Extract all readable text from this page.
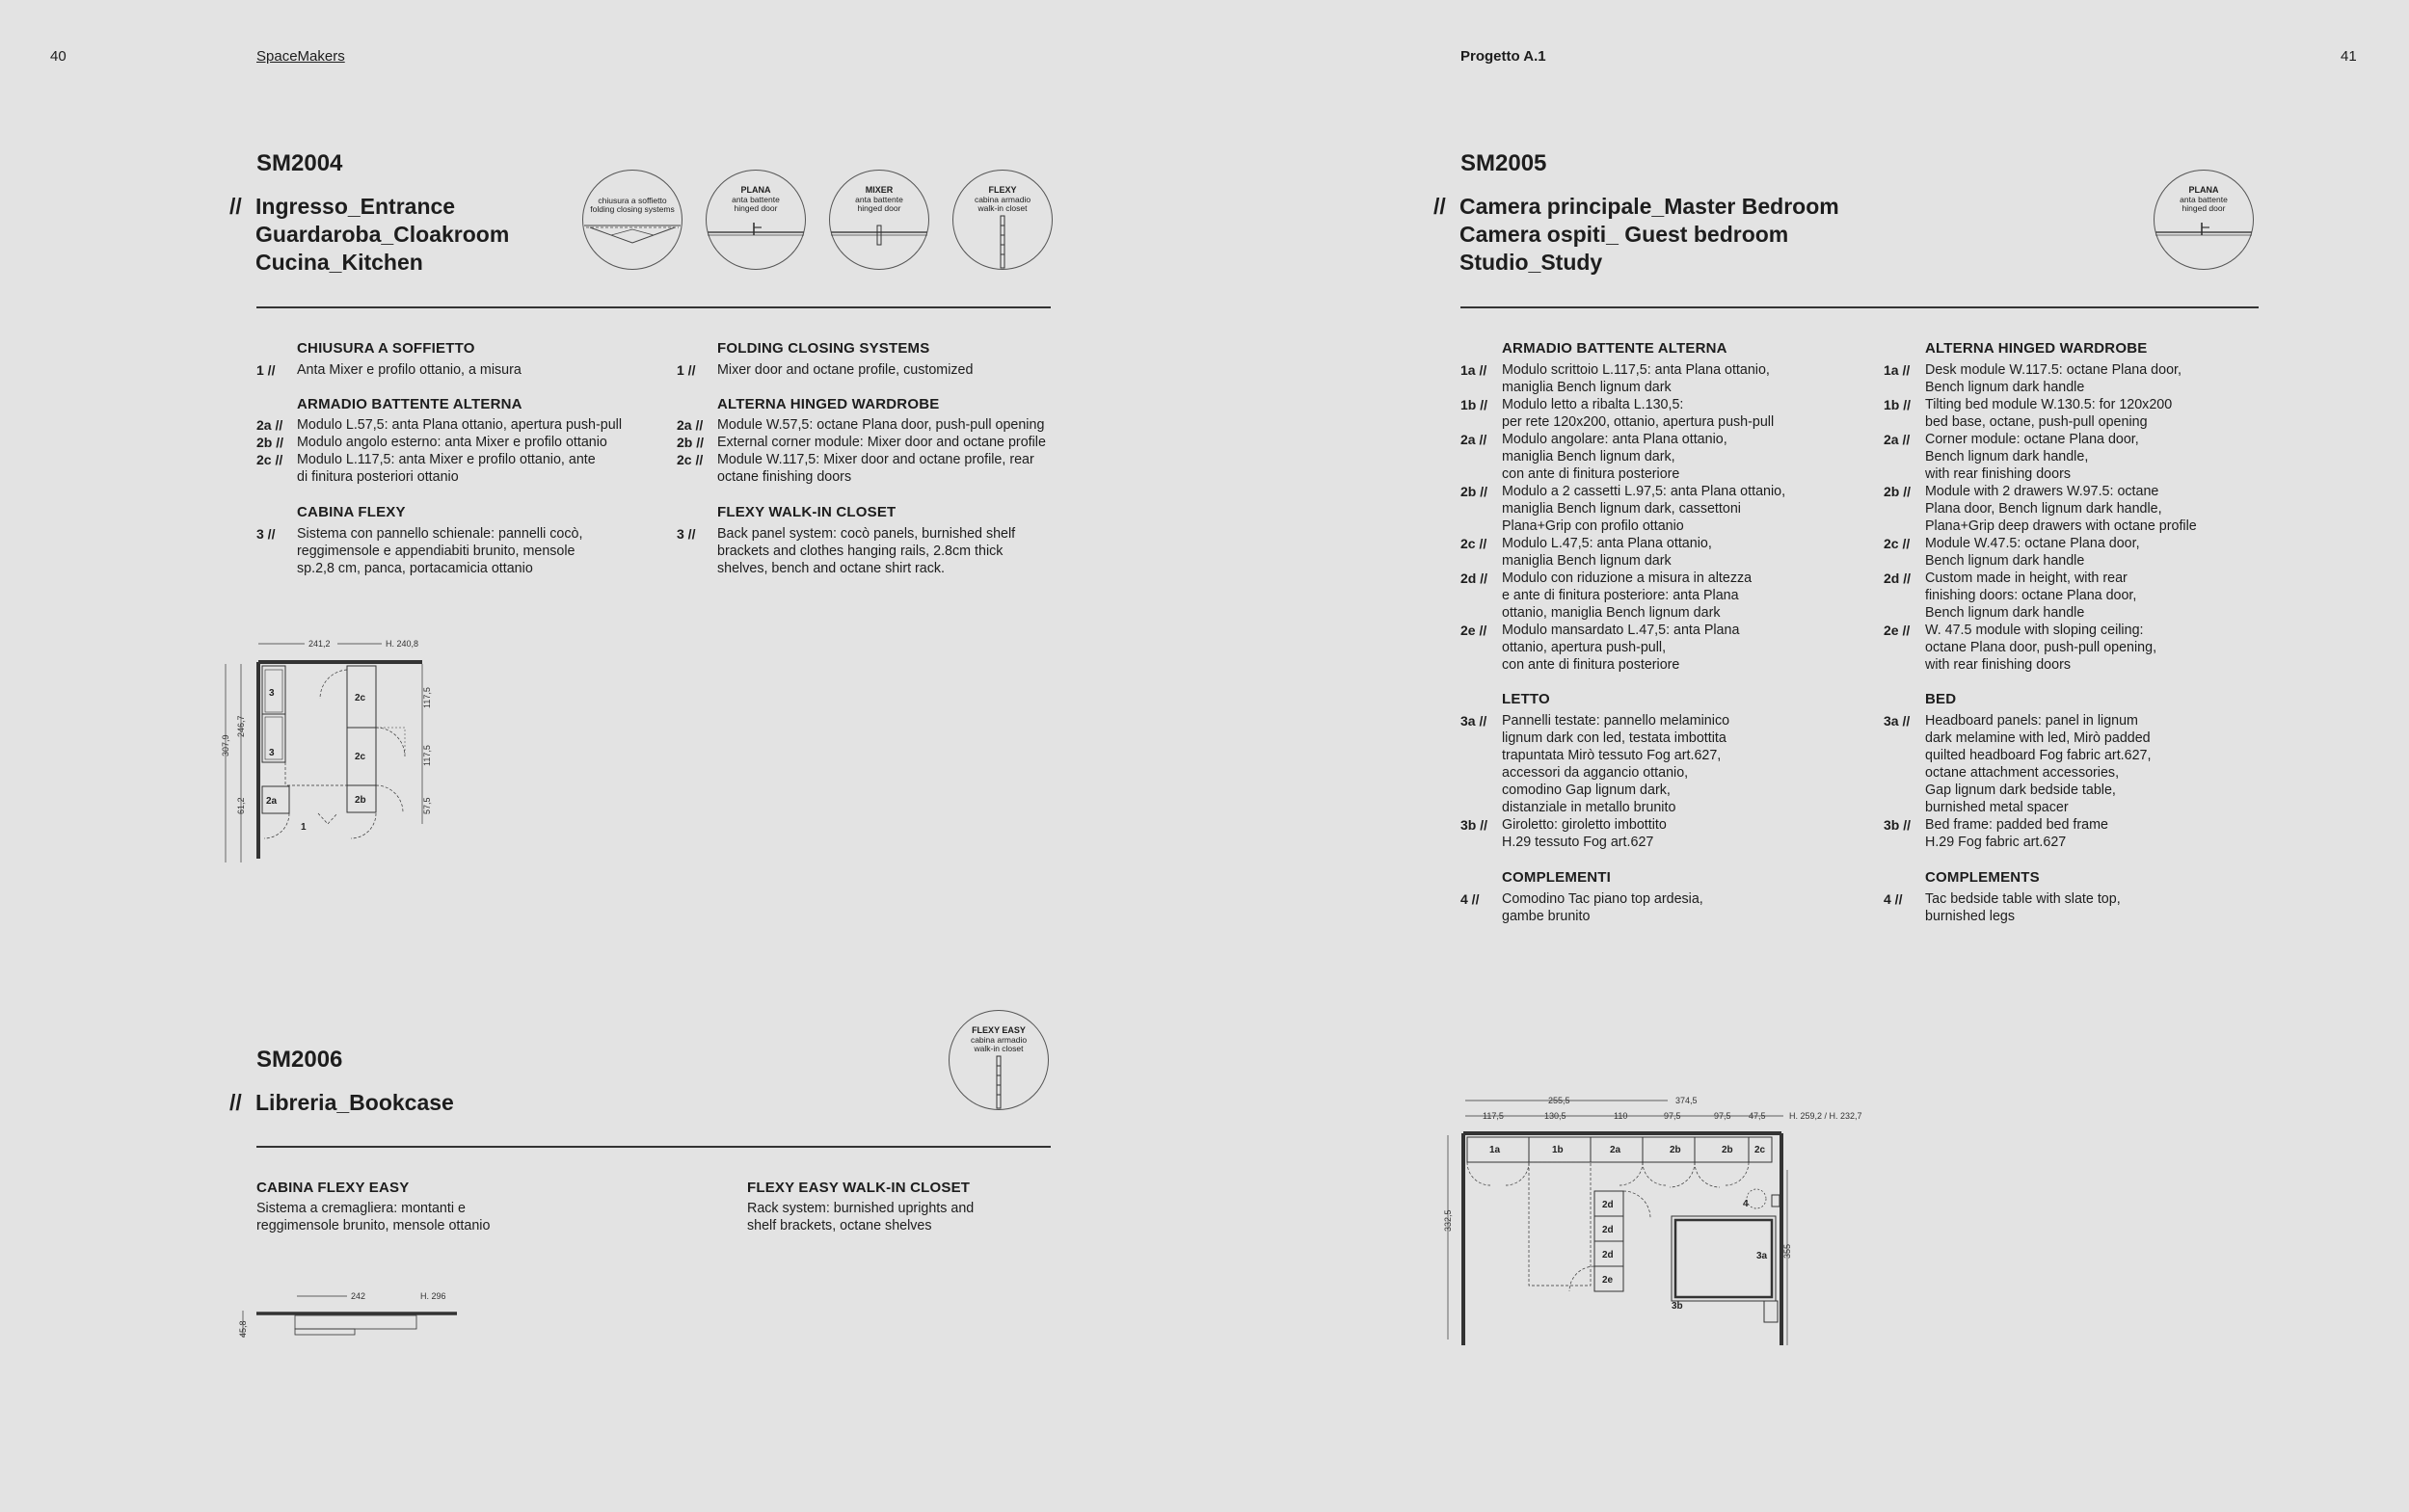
40	SpaceMakers
SM2004
// Ingresso_Entrance
Guardaroba_Cloakroom
Cucina_Kitchen
chiusura a soffietto
folding closing systems
PLANA
anta battente
hinged door
MIXER
anta battente
hinged door
FLEXY
cabina armadio
walk-in closet
CHIUSURA A SOFFIETTO
1 // Anta Mixer e profilo ottanio, a misura
ARMADIO BATTENTE ALTERNA
2a // Modulo L.57,5: anta Plana ottanio, apertura push-pull
2b // Modulo angolo esterno: anta Mixer e profilo ottanio
2c // Modulo L.117,5: anta Mixer e profilo ottanio, ante
di finitura posteriori ottanio
CABINA FLEXY
3 // Sistema con pannello schienale: pannelli cocò,
reggimensole e appendiabiti brunito, mensole
sp.2,8 cm, panca, portacamicia ottanio
FOLDING CLOSING SYSTEMS
1 // Mixer door and octane profile, customized
ALTERNA HINGED WARDROBE
2a // Module W.57,5: octane Plana door, push-pull opening
2b // External corner module: Mixer door and octane profile
2c // Module W.117,5: Mixer door and octane profile, rear
octane finishing doors
FLEXY WALK-IN CLOSET
3 // Back panel system: cocò panels, burnished shelf
brackets and clothes hanging rails, 2.8cm thick
shelves, bench and octane shirt rack.
241,2	H. 240,8
117,5
117,5
57,5
307,9
246,7
61,2
3
3
2a
2c
2c
2b
1
SM2006
// Libreria_Bookcase
FLEXY EASY
cabina armadio
walk-in closet
CABINA FLEXY EASY
Sistema a cremagliera: montanti e
reggimensole brunito, mensole ottanio
FLEXY EASY WALK-IN CLOSET
Rack system: burnished uprights and
shelf brackets, octane shelves
242	H. 296
45,8
Progetto A.1	41
SM2005
// Camera principale_Master Bedroom
Camera ospiti_ Guest bedroom
Studio_Study
PLANA
anta battente
hinged door
ARMADIO BATTENTE ALTERNA
1a // Modulo scrittoio L.117,5: anta Plana ottanio,
maniglia Bench lignum dark
1b // Modulo letto a ribalta L.130,5:
per rete 120x200, ottanio, apertura push-pull
2a // Modulo angolare: anta Plana ottanio,
maniglia Bench lignum dark,
con ante di finitura posteriore
2b // Modulo a 2 cassetti L.97,5: anta Plana ottanio,
maniglia Bench lignum dark, cassettoni
Plana+Grip con profilo ottanio
2c // Modulo L.47,5: anta Plana ottanio,
maniglia Bench lignum dark
2d // Modulo con riduzione a misura in altezza
e ante di finitura posteriore: anta Plana
ottanio, maniglia Bench lignum dark
2e // Modulo mansardato L.47,5: anta Plana
ottanio, apertura push-pull,
con ante di finitura posteriore
LETTO
3a // Pannelli testate: pannello melaminico
lignum dark con led, testata imbottita
trapuntata Mirò tessuto Fog art.627,
accessori da aggancio ottanio,
comodino Gap lignum dark,
distanziale in metallo brunito
3b // Giroletto: giroletto imbottito
H.29 tessuto Fog art.627
COMPLEMENTI
4 // Comodino Tac piano top ardesia,
gambe brunito
ALTERNA HINGED WARDROBE
1a // Desk module W.117.5: octane Plana door,
Bench lignum dark handle
1b // Tilting bed module W.130.5: for 120x200
bed base, octane, push-pull opening
2a // Corner module: octane Plana door,
Bench lignum dark handle,
with rear finishing doors
2b // Module with 2 drawers W.97.5: octane
Plana door, Bench lignum dark handle,
Plana+Grip deep drawers with octane profile
2c // Module W.47.5: octane Plana door,
Bench lignum dark handle
2d // Custom made in height, with rear
finishing doors: octane Plana door,
Bench lignum dark handle
2e // W. 47.5 module with sloping ceiling:
octane Plana door, push-pull opening,
with rear finishing doors
BED
3a // Headboard panels: panel in lignum
dark melamine with led, Mirò padded
quilted headboard Fog fabric art.627,
octane attachment accessories,
Gap lignum dark bedside table,
burnished metal spacer
3b // Bed frame: padded bed frame
H.29 Fog fabric art.627
COMPLEMENTS
4 // Tac bedside table with slate top,
burnished legs
255,5	374,5
117,5	130,5	110	97,5	97,5 47,5	H. 259,2 / H. 232,7
332,5
355
1a	1b	2a	2b	2b 2c
2d
2d
2d
2e
3a
3b
4
